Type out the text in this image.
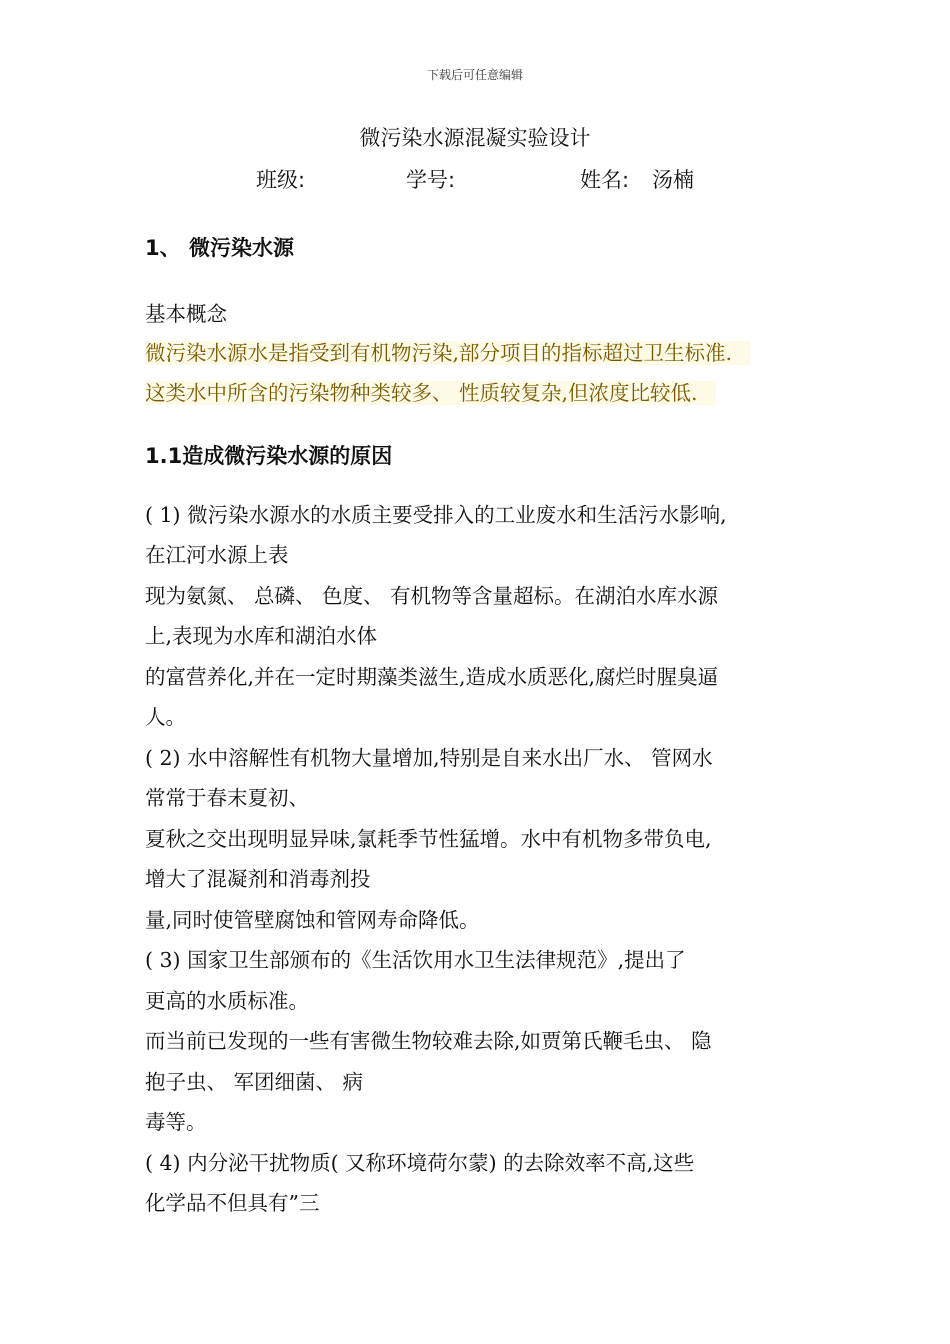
下载后可任意编辑
微污染水源混凝实验设计
班级:	学号:	姓名: 汤楠
1、 微污染水源
基本概念
微污染水源水是指受到有机物污染,部分项目的指标超过卫生标准.
这类水中所含的污染物种类较多、 性质较复杂,但浓度比较低.
1.1造成微污染水源的原因
( 1) 微污染水源水的水质主要受排入的工业废水和生活污水影响,
在江河水源上表
现为氨氮、 总磷、 色度、 有机物等含量超标。在湖泊水库水源
上,表现为水库和湖泊水体
的富营养化,并在一定时期藻类滋生,造成水质恶化,腐烂时腥臭逼
人。
( 2) 水中溶解性有机物大量增加,特别是自来水出厂水、 管网水
常常于春末夏初、
夏秋之交出现明显异味,氯耗季节性猛增。水中有机物多带负电,
增大了混凝剂和消毒剂投
量,同时使管壁腐蚀和管网寿命降低。
( 3) 国家卫生部颁布的《生活饮用水卫生法律规范》,提出了
更高的水质标准。
而当前已发现的一些有害微生物较难去除,如贾第氏鞭毛虫、 隐
抱子虫、 军团细菌、 病
毒等。
( 4) 内分泌干扰物质( 又称环境荷尔蒙) 的去除效率不高,这些
化学品不但具有”三
